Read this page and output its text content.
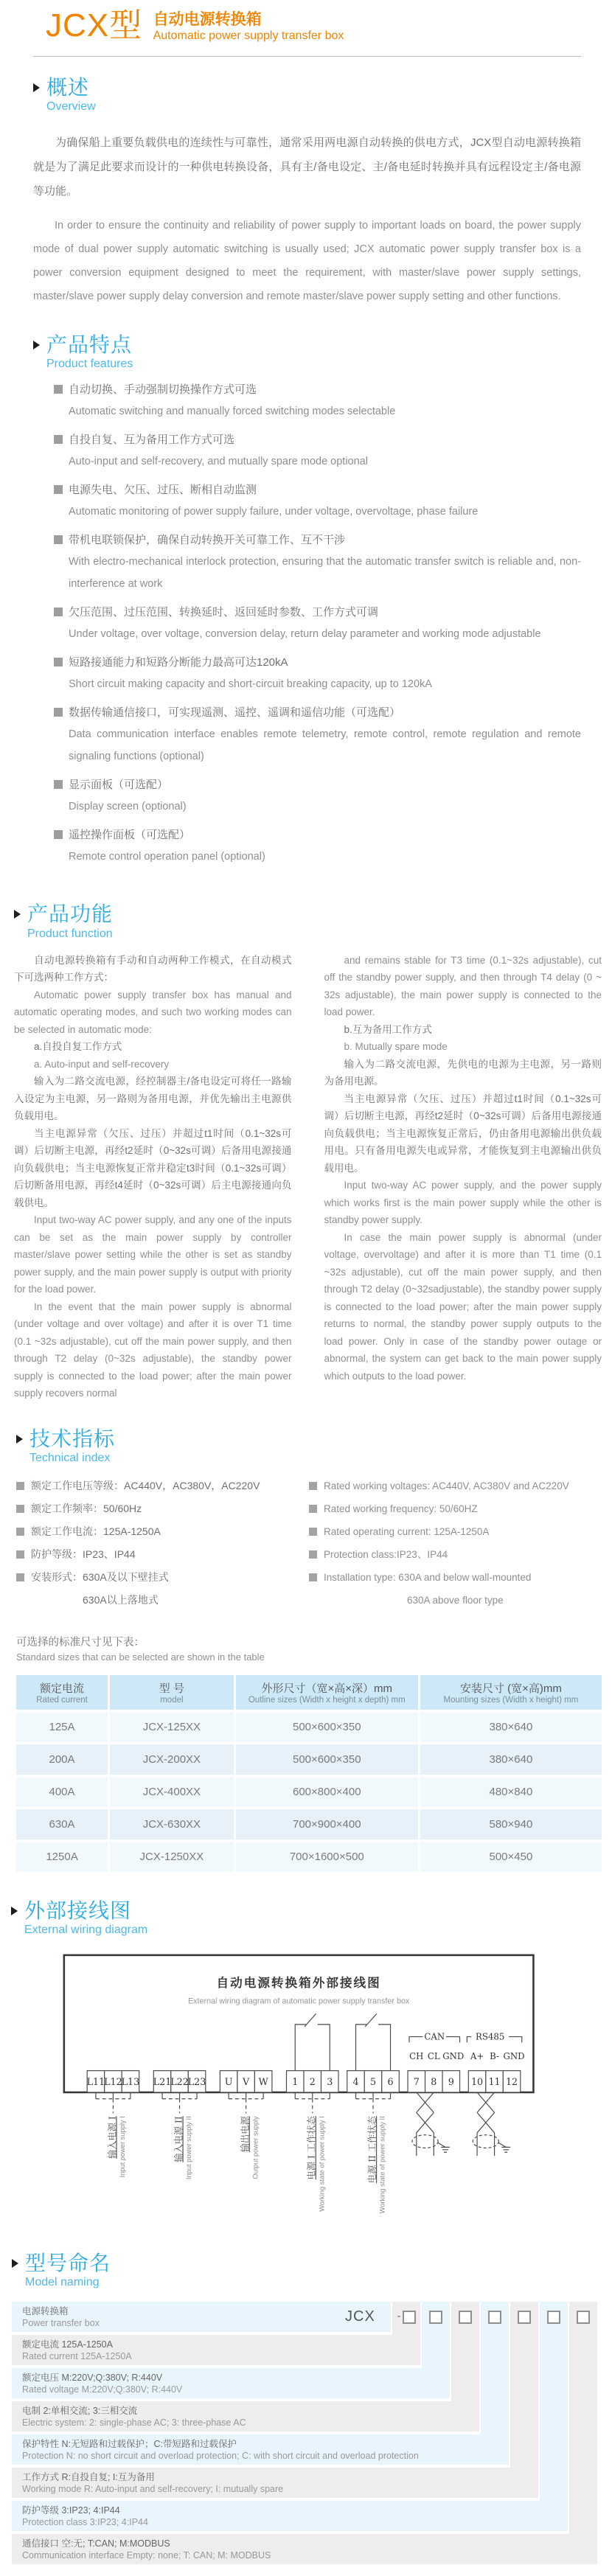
JCX型 自动电源转换箱
Automatic power supply transfer box
概述
Overview

为确保船上重要负载供电的连续性与可靠性，通常采用两电源自动转换的供电方式，JCX型自动电源转换箱就是为了满足此要求而设计的一种供电转换设备，具有主/备电设定、主/备电延时转换并具有远程设定主/备电源等功能。

In order to ensure the continuity and reliability of power supply to important loads on board, the power supply mode of dual power supply automatic switching is usually used; JCX automatic power supply transfer box is a power conversion equipment designed to meet the requirement, with master/slave power supply settings, master/slave power supply delay conversion and remote master/slave power supply setting and other functions.

产品特点
Product features
自动切换、手动强制切换操作方式可选
Automatic switching and manually forced switching modes selectable
自投自复、互为备用工作方式可选
Auto-input and self-recovery, and mutually spare mode optional
电源失电、欠压、过压、断相自动监测
Automatic monitoring of power supply failure, under voltage, overvoltage, phase failure
带机电联锁保护，确保自动转换开关可靠工作、互不干涉
With electro-mechanical interlock protection, ensuring that the automatic transfer switch is reliable and, non-interference at work
欠压范围、过压范围、转换延时、返回延时参数、工作方式可调
Under voltage, over voltage, conversion delay, return delay parameter and working mode adjustable
短路接通能力和短路分断能力最高可达120kA
Short circuit making capacity and short-circuit breaking capacity, up to 120kA
数据传输通信接口，可实现遥测、遥控、遥调和遥信功能（可选配）
Data communication interface enables remote telemetry, remote control, remote regulation and remote signaling functions (optional)
显示面板（可选配）
Display screen (optional)
遥控操作面板（可选配）
Remote control operation panel (optional)
产品功能
Product function

自动电源转换箱有手动和自动两种工作模式，在自动模式下可选两种工作方式：

Automatic power supply transfer box has manual and automatic operating modes, and such two working modes can be selected in automatic mode:

a.自投自复工作方式

a. Auto-input and self-recovery

输入为二路交流电源，经控制器主/备电设定可将任一路输入设定为主电源，另一路则为备用电源，并优先输出主电源供负载用电。

当主电源异常（欠压、过压）并超过t1时间（0.1~32s可调）后切断主电源，再经t2延时（0~32s可调）后备用电源接通向负载供电；当主电源恢复正常并稳定t3时间（0.1~32s可调）后切断备用电源，再经t4延时（0~32s可调）后主电源接通向负载供电。

Input two-way AC power supply, and any one of the inputs can be set as the main power supply by controller master/slave power setting while the other is set as standby power supply, and the main power supply is output with priority for the load power.

In the event that the main power supply is abnormal (under voltage and over voltage) and after it is over T1 time (0.1 ~32s adjustable), cut off the main power supply, and then through T2 delay (0~32s adjustable), the standby power supply is connected to the load power; after the main power supply recovers normal

and remains stable for T3 time (0.1~32s adjustable), cut off the standby power supply, and then through T4 delay (0 ~ 32s adjustable), the main power supply is connected to the load power.

b.互为备用工作方式

b. Mutually spare mode

输入为二路交流电源，先供电的电源为主电源，另一路则为备用电源。

当主电源异常（欠压、过压）并超过t1时间（0.1~32s可调）后切断主电源，再经t2延时（0~32s可调）后备用电源接通向负载供电；当主电源恢复正常后，仍由备用电源输出供负载用电。只有备用电源失电或异常，才能恢复到主电源输出供负载用电。

Input two-way AC power supply, and the power supply which works first is the main power supply while the other is standby power supply.

In case the main power supply is abnormal (under voltage, overvoltage) and after it is more than T1 time (0.1 ~32s adjustable), cut off the main power supply, and then through T2 delay (0~32sadjustable), the standby power supply is connected to the load power; after the main power supply returns to normal, the standby power supply outputs to the load power. Only in case of the standby power outage or abnormal, the system can get back to the main power supply which outputs to the load power.

技术指标
Technical index
额定工作电压等级：AC440V，AC380V，AC220V
额定工作频率：50/60Hz
额定工作电流：125A-1250A
防护等级：IP23、IP44
安装形式：630A及以下壁挂式
630A以上落地式
Rated working voltages: AC440V, AC380V and AC220V
Rated working frequency: 50/60HZ
Rated operating current: 125A-1250A
Protection class:IP23、IP44
Installation type: 630A and below wall-mounted
630A above floor type

可选择的标准尺寸见下表：

Standard sizes that can be selected are shown in the table

额定电流
Rated current

型 号
model

外形尺寸（宽×高×深）mm
Outline sizes (Width x height x depth) mm

安装尺寸 (宽×高)mm
Mounting sizes (Width x height) mm

125A	JCX-125XX	500×600×350	380×640
200A	JCX-200XX	500×600×350	380×640
400A	JCX-400XX	600×800×400	480×840
630A	JCX-630XX	700×900×400	580×940
1250A	JCX-1250XX	700×1600×500	500×450
外部接线图
External wiring diagram
自动电源转换箱外部接线图
External wiring diagram of automatic power supply transfer box
L11
L12
L13 L21
L22
L23 U V W	1 2 3 4 5 6 7 8 9 10 11 12
CH CL GND A+ B- GND
CAN	RS485
输入电源 I Input power supply I	输入电源 II Input power supply II	输出电源 Output power supply	电源 I 工作状态 Working state of power supply I	电源 II 工作状态 Working state of power supply II
型号命名
Model naming
-
电源转换箱
Power transfer box
额定电流 125A-1250A
Rated current 125A-1250A
额定电压 M:220V;Q:380V; R:440V
Rated voltage M:220V;Q:380V; R:440V
电制 2:单相交流; 3:三相交流
Electric system: 2: single-phase AC; 3: three-phase AC
保护特性 N:无短路和过载保护；C:带短路和过载保护
Protection N: no short circuit and overload protection; C: with short circuit and overload protection
工作方式 R:自投自复; I:互为备用
Working mode R: Auto-input and self-recovery; I: mutually spare
防护等级 3:IP23; 4:IP44
Protection class 3:IP23; 4:IP44
通信接口 空:无; T:CAN; M:MODBUS
Communication interface Empty: none; T: CAN; M: MODBUS
JCX
